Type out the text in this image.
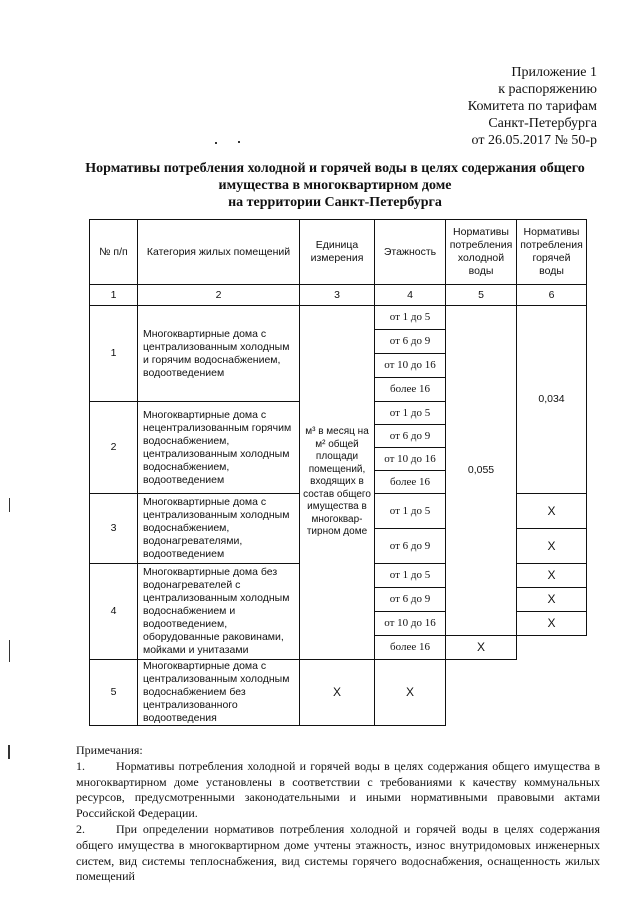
Приложение 1
к распоряжению
Комитета по тарифам
Санкт-Петербурга
от 26.05.2017 № 50-р
Нормативы потребления холодной и горячей воды в целях содержания общего
имущества в многоквартирном доме
на территории Санкт-Петербурга
№ п/п	Категория жилых помещений	Единица измерения	Этажность	Нормативы потребления холодной воды	Нормативы потребления горячей воды
1	2	3	4	5	6
1	Многоквартирные дома с централизованным холодным и горячим водоснабжением, водоотведением	м³ в месяц на м² общей площади помещений, входящих в состав общего имущества в многоквар- тирном доме	от 1 до 5	0,055	0,034
			от 6 до 9		
			от 10 до 16		
			более 16		
2	Многоквартирные дома с нецентрализованным горячим водоснабжением, централизованным холодным водоснабжением, водоотведением		от 1 до 5		
			от 6 до 9		
			от 10 до 16		
			более 16		
3	Многоквартирные дома с централизованным холодным водоснабжением, водонагревателями, водоотведением		от 1 до 5		Х
			от 6 до 9		Х
4	Многоквартирные дома без водонагревателей с централизованным холодным водоснабжением и водоотведением, оборудованные раковинами, мойками и унитазами		от 1 до 5		Х
			от 6 до 9		Х
			от 10 до 16		Х
			более 16	Х	
5	Многоквартирные дома с централизованным холодным водоснабжением без централизованного водоотведения	Х	Х		
Примечания:
1.	Нормативы потребления холодной и горячей воды в целях содержания общего имущества в многоквартирном доме установлены в соответствии с требованиями к качеству коммунальных ресурсов, предусмотренными законодательными и иными нормативными правовыми актами Российской Федерации.
2.	При определении нормативов потребления холодной и горячей воды в целях содержания общего имущества в многоквартирном доме учтены этажность, износ внутридомовых инженерных систем, вид системы теплоснабжения, вид системы горячего водоснабжения, оснащенность жилых помещений
